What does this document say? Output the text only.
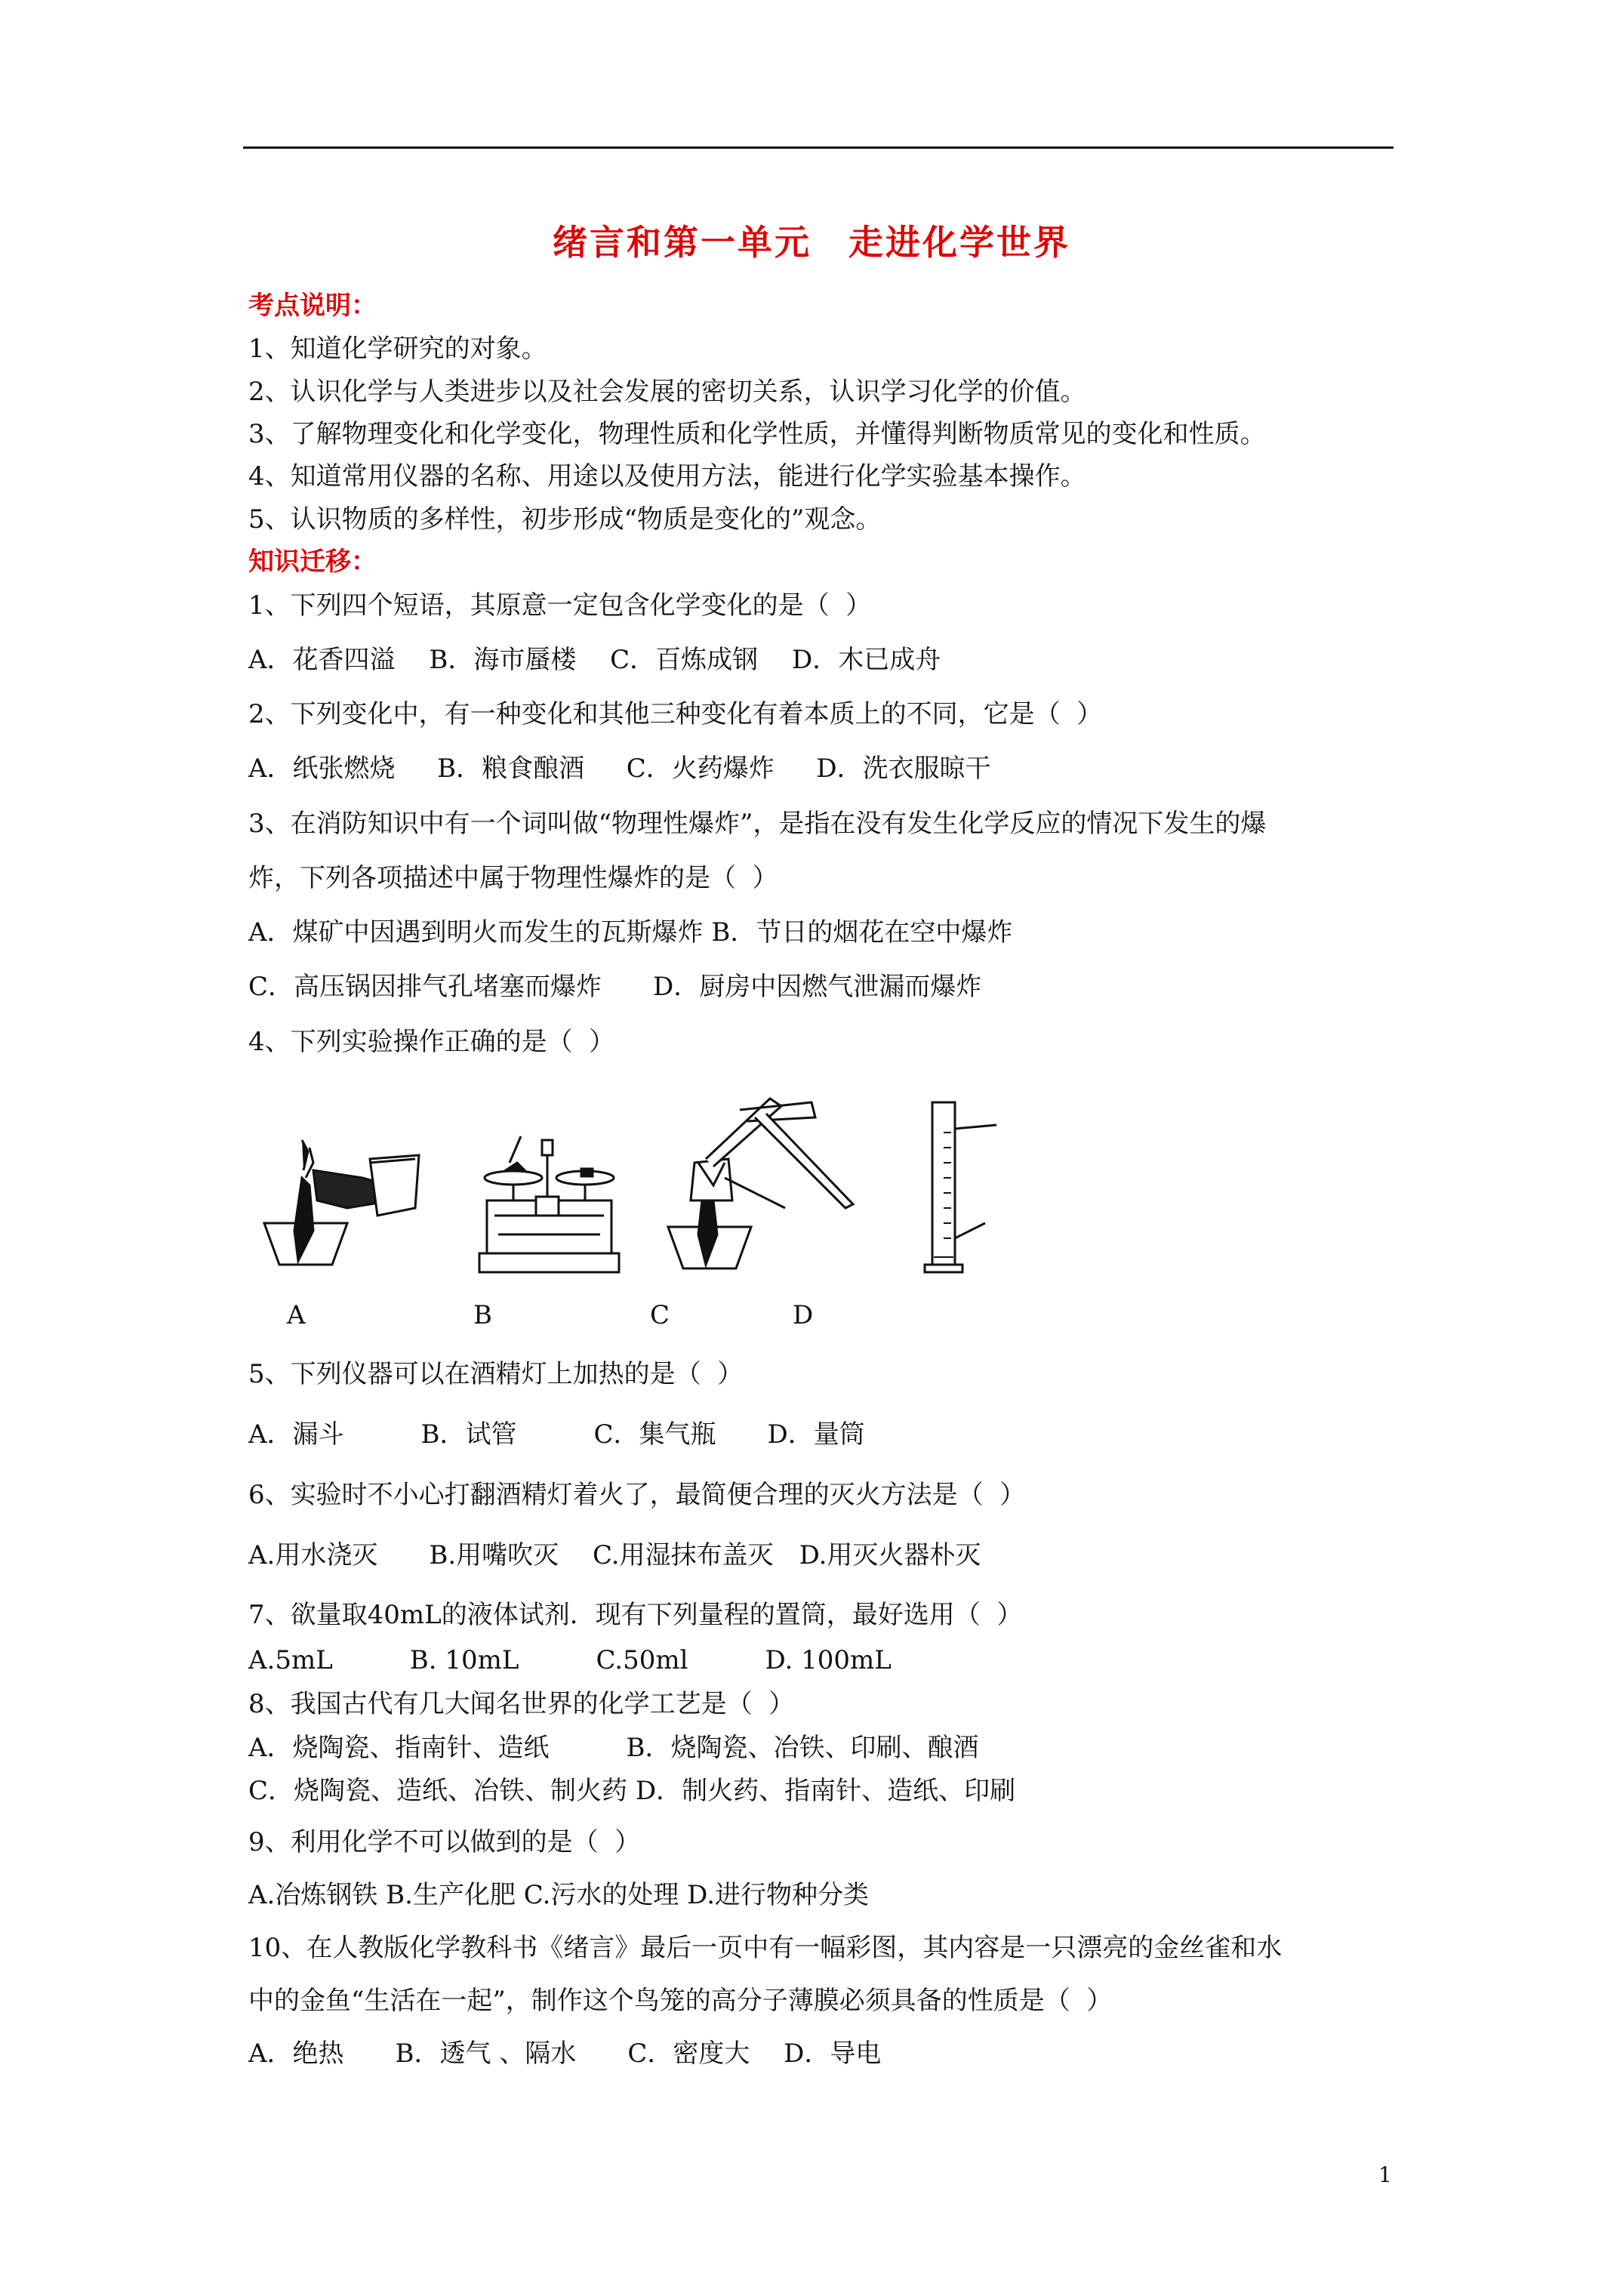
绪言和第一单元　走进化学世界
考点说明：
1、知道化学研究的对象。
2、认识化学与人类进步以及社会发展的密切关系，认识学习化学的价值。
3、了解物理变化和化学变化，物理性质和化学性质，并懂得判断物质常见的变化和性质。
4、知道常用仪器的名称、用途以及使用方法，能进行化学实验基本操作。
5、认识物质的多样性，初步形成“物质是变化的”观念。
知识迁移：
1、下列四个短语，其原意一定包含化学变化的是（  ）
A．花香四溢　 B．海市蜃楼　 C．百炼成钢　 D．木已成舟
2、下列变化中，有一种变化和其他三种变化有着本质上的不同，它是（  ）
A．纸张燃烧　  B．粮食酿酒　  C．火药爆炸　  D．洗衣服晾干
3、在消防知识中有一个词叫做“物理性爆炸”，是指在没有发生化学反应的情况下发生的爆
炸，下列各项描述中属于物理性爆炸的是（  ）
A．煤矿中因遇到明火而发生的瓦斯爆炸 B．节日的烟花在空中爆炸
C．高压锅因排气孔堵塞而爆炸　　D．厨房中因燃气泄漏而爆炸
4、下列实验操作正确的是（  ）
A	B	C	D
5、下列仪器可以在酒精灯上加热的是（  ）
A．漏斗　　　B．试管　　　C．集气瓶　　D．量筒
6、实验时不小心打翻酒精灯着火了，最简便合理的灭火方法是（  ）
A.用水浇灭　　B.用嘴吹灭　 C.用湿抹布盖灭　D.用灭火器朴灭
7、欲量取40mL的液体试剂．现有下列量程的置筒，最好选用（  ）
A.5mL　　　B. 10mL　　　C.50ml　　　D. 100mL
8、我国古代有几大闻名世界的化学工艺是（  ）
A．烧陶瓷、指南针、造纸　　　B．烧陶瓷、冶铁、印刷、酿酒
C．烧陶瓷、造纸、冶铁、制火药 D．制火药、指南针、造纸、印刷
9、利用化学不可以做到的是（  ）
A.冶炼钢铁 B.生产化肥 C.污水的处理 D.进行物种分类
10、在人教版化学教科书《绪言》最后一页中有一幅彩图，其内容是一只漂亮的金丝雀和水
中的金鱼“生活在一起”，制作这个鸟笼的高分子薄膜必须具备的性质是（  ）
A．绝热　　B．透气 、隔水　　C．密度大　 D．导电
1
